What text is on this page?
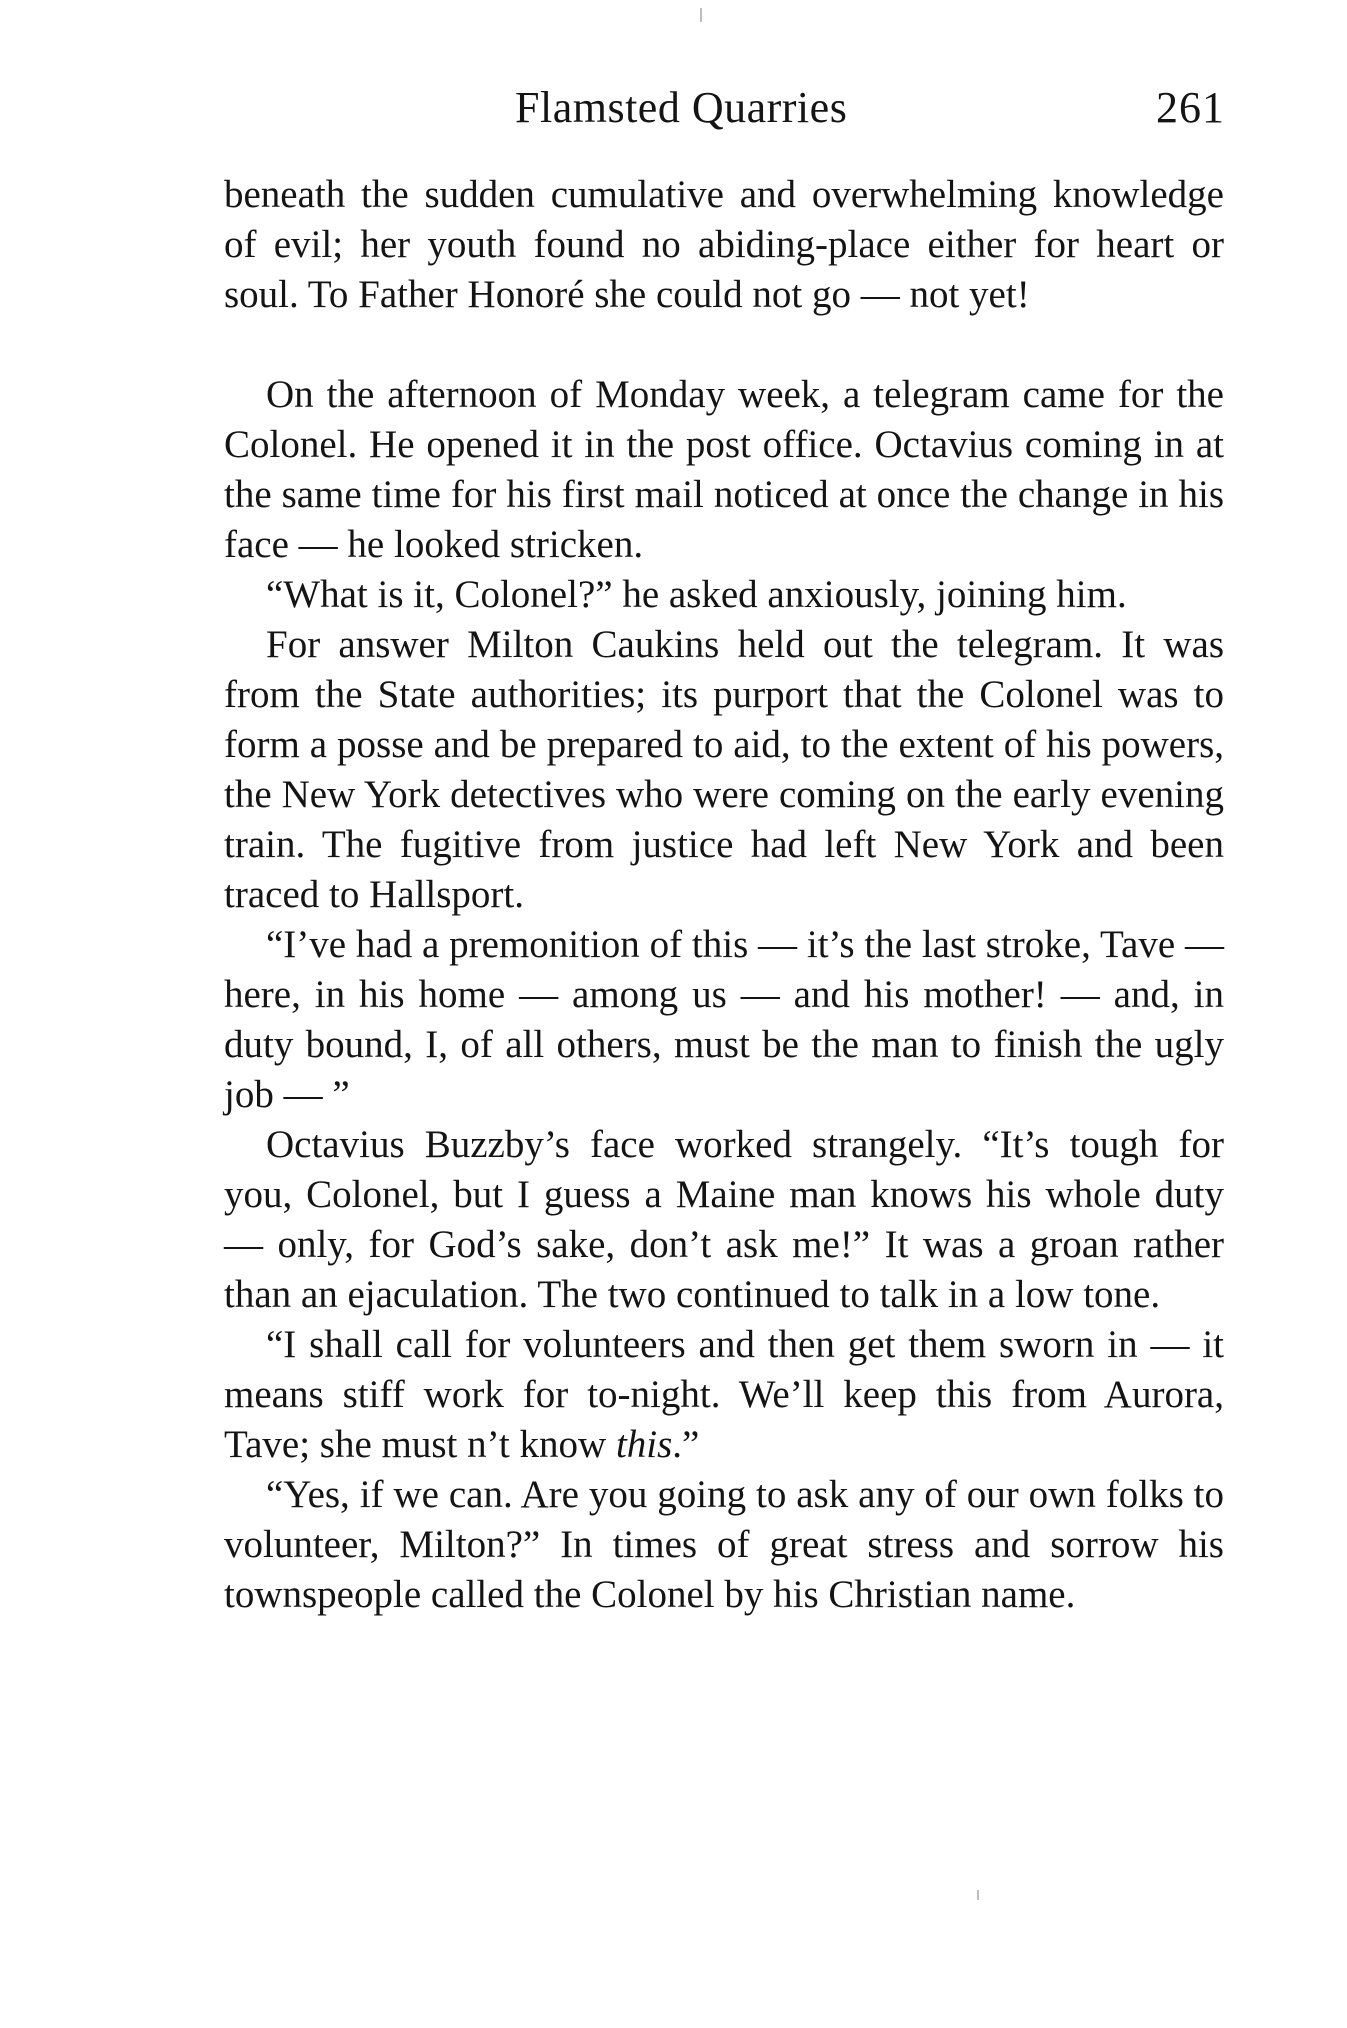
Flamsted Quarries	261

beneath the sudden cumulative and overwhelming knowledge of evil; her youth found no abiding-place either for heart or soul. To Father Honoré she could not go — not yet!

On the afternoon of Monday week, a telegram came for the Colonel. He opened it in the post office. Octavius coming in at the same time for his first mail noticed at once the change in his face — he looked stricken.

“What is it, Colonel?” he asked anxiously, joining him.

For answer Milton Caukins held out the telegram. It was from the State authorities; its purport that the Colonel was to form a posse and be prepared to aid, to the extent of his powers, the New York detectives who were coming on the early evening train. The fugitive from justice had left New York and been traced to Hallsport.

“I’ve had a premonition of this — it’s the last stroke, Tave — here, in his home — among us — and his mother! — and, in duty bound, I, of all others, must be the man to finish the ugly job — ”

Octavius Buzzby’s face worked strangely. “It’s tough for you, Colonel, but I guess a Maine man knows his whole duty — only, for God’s sake, don’t ask me!” It was a groan rather than an ejaculation. The two continued to talk in a low tone.

“I shall call for volunteers and then get them sworn in — it means stiff work for to-night. We’ll keep this from Aurora, Tave; she must n’t know this.”

“Yes, if we can. Are you going to ask any of our own folks to volunteer, Milton?” In times of great stress and sorrow his townspeople called the Colonel by his Christian name.
